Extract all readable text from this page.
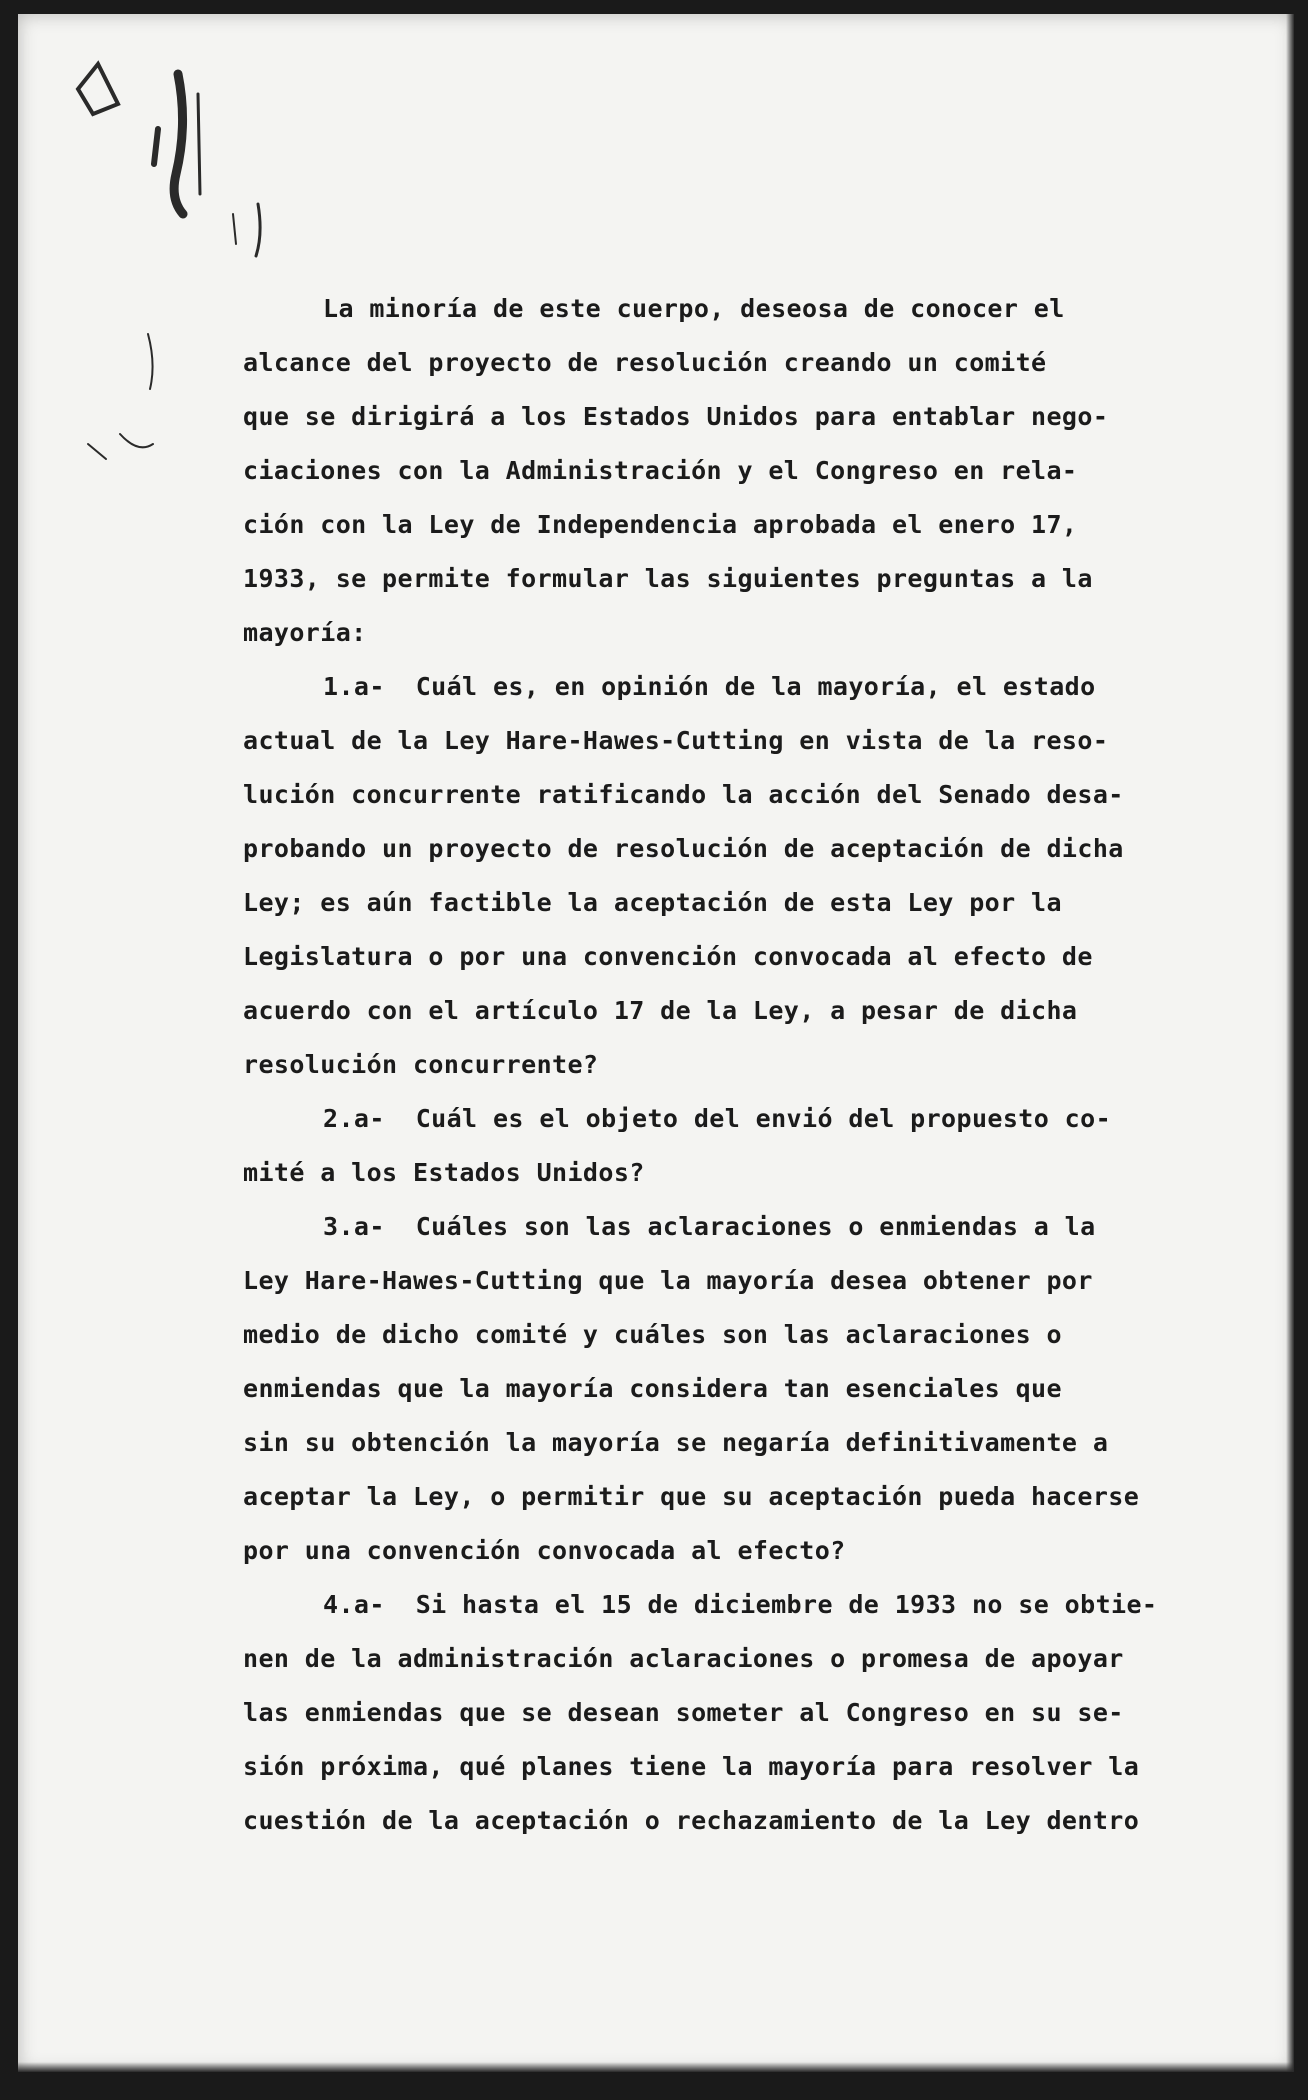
La minoría de este cuerpo, deseosa de conocer el

alcance del proyecto de resolución creando un comité

que se dirigirá a los Estados Unidos para entablar nego-

ciaciones con la Administración y el Congreso en rela-

ción con la Ley de Independencia aprobada el enero 17,

1933, se permite formular las siguientes preguntas a la

mayoría:

1.a-  Cuál es, en opinión de la mayoría, el estado

actual de la Ley Hare-Hawes-Cutting en vista de la reso-

lución concurrente ratificando la acción del Senado desa-

probando un proyecto de resolución de aceptación de dicha

Ley; es aún factible la aceptación de esta Ley por la

Legislatura o por una convención convocada al efecto de

acuerdo con el artículo 17 de la Ley, a pesar de dicha

resolución concurrente?

2.a-  Cuál es el objeto del envió del propuesto co-

mité a los Estados Unidos?

3.a-  Cuáles son las aclaraciones o enmiendas a la

Ley Hare-Hawes-Cutting que la mayoría desea obtener por

medio de dicho comité y cuáles son las aclaraciones o

enmiendas que la mayoría considera tan esenciales que

sin su obtención la mayoría se negaría definitivamente a

aceptar la Ley, o permitir que su aceptación pueda hacerse

por una convención convocada al efecto?

4.a-  Si hasta el 15 de diciembre de 1933 no se obtie-

nen de la administración aclaraciones o promesa de apoyar

las enmiendas que se desean someter al Congreso en su se-

sión próxima, qué planes tiene la mayoría para resolver la

cuestión de la aceptación o rechazamiento de la Ley dentro
